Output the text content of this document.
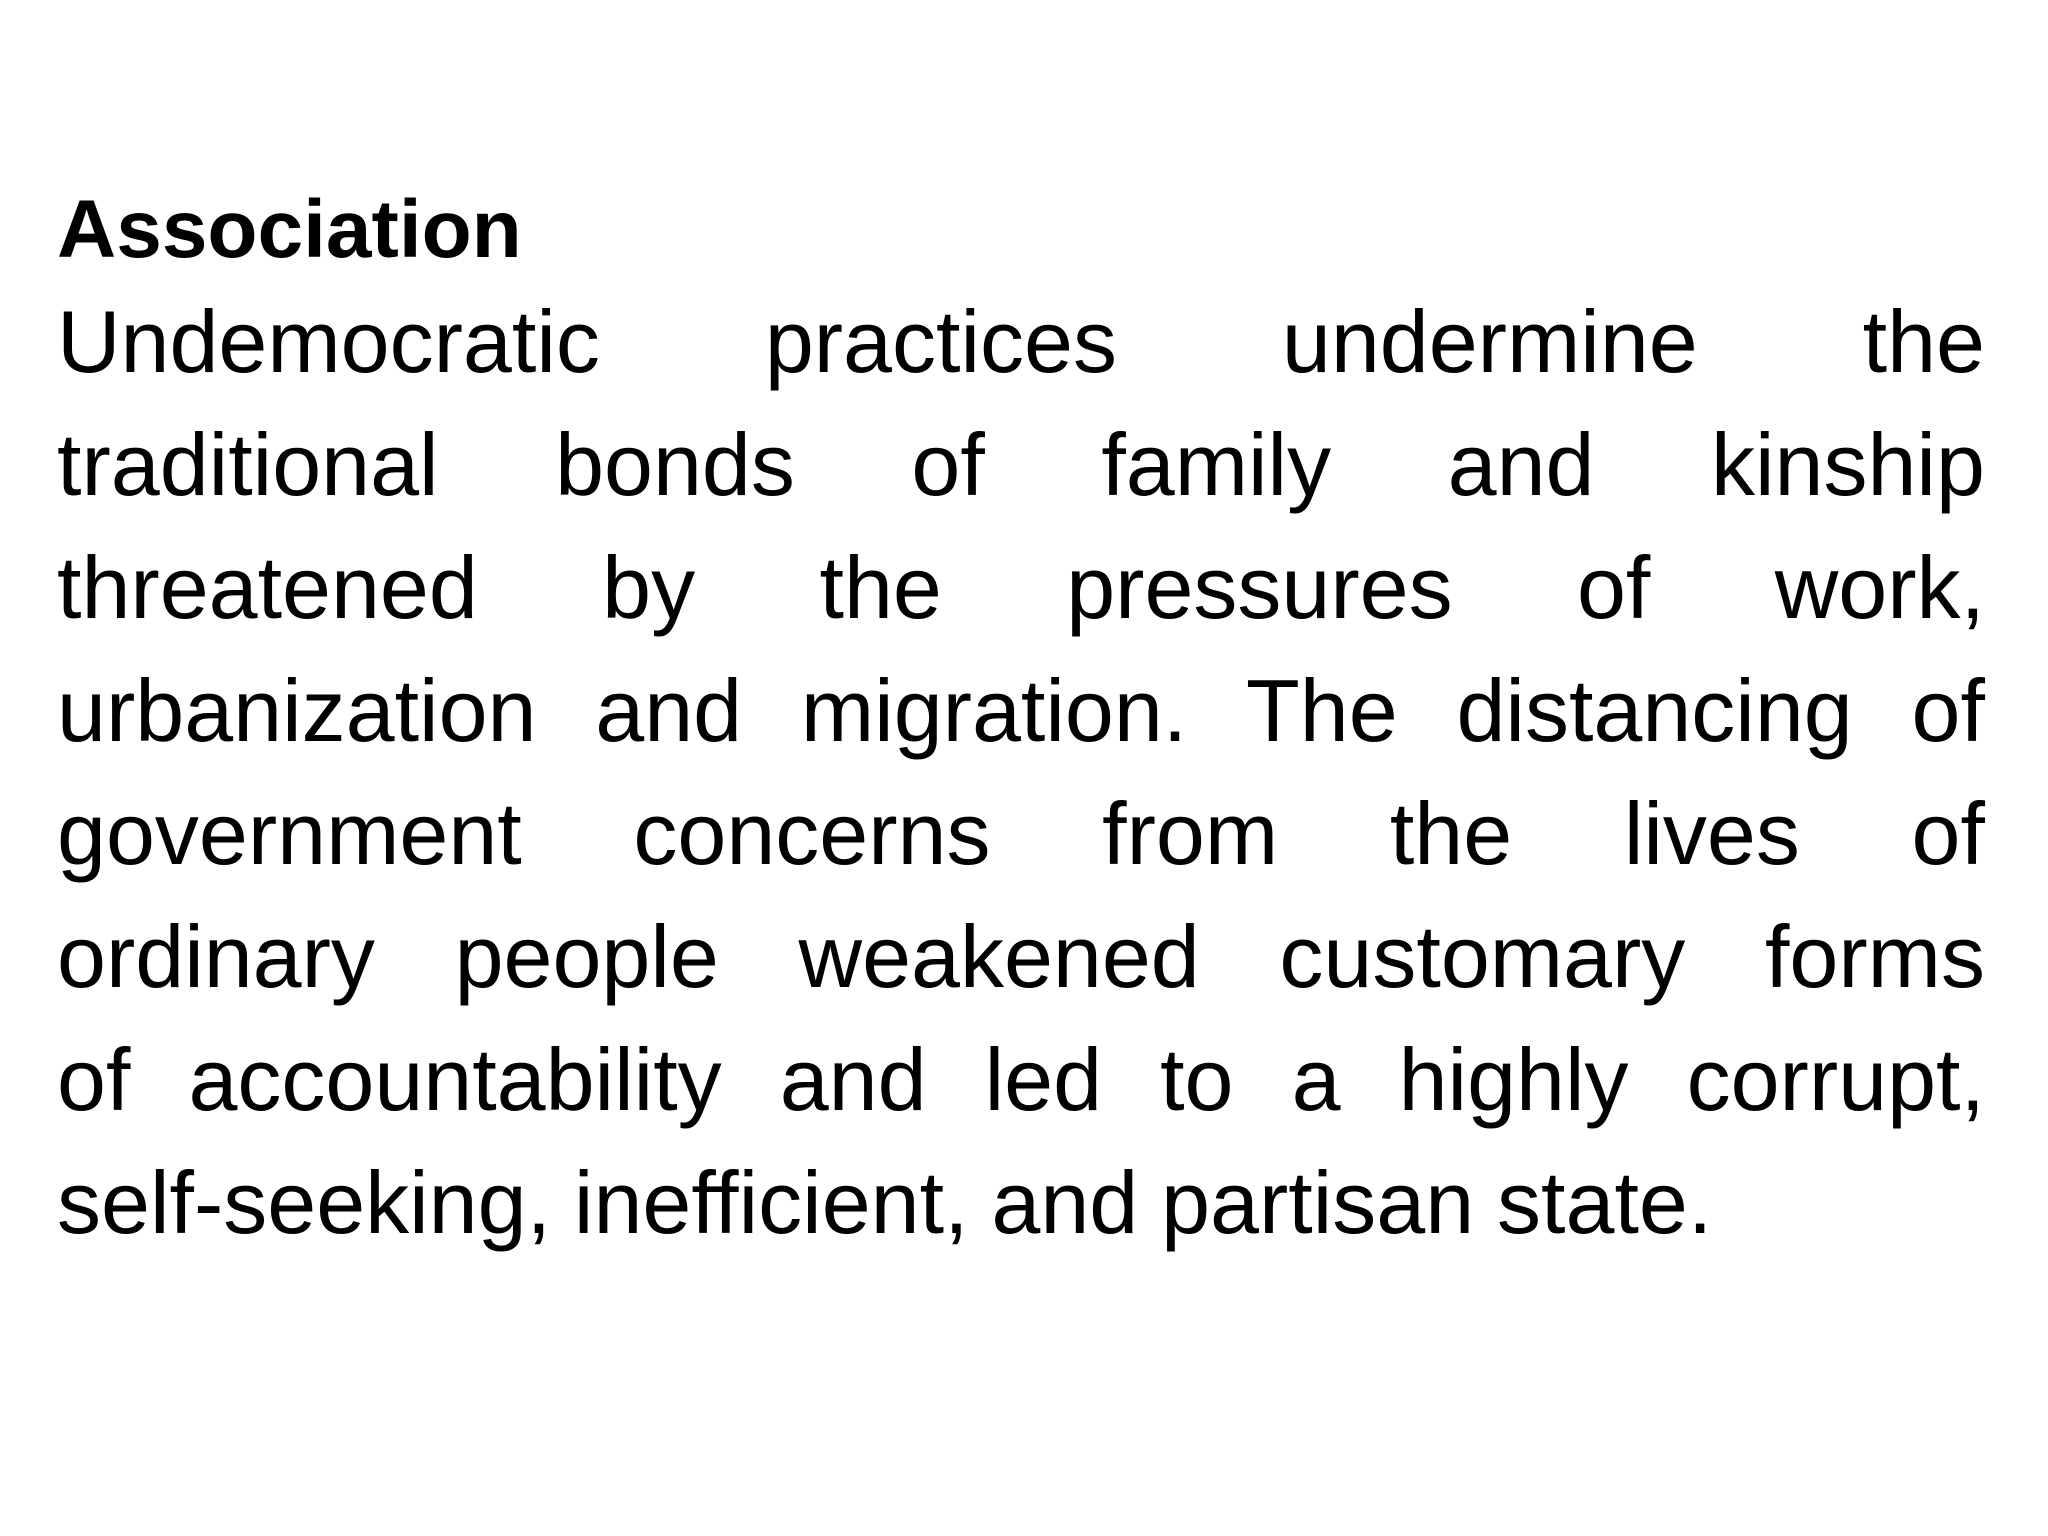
Association
Undemocratic practices undermine the
traditional bonds of family and kinship
threatened by the pressures of work,
urbanization and migration. The distancing of
government concerns from the lives of
ordinary people weakened customary forms
of accountability and led to a highly corrupt,
self-seeking, inefficient, and partisan state.
